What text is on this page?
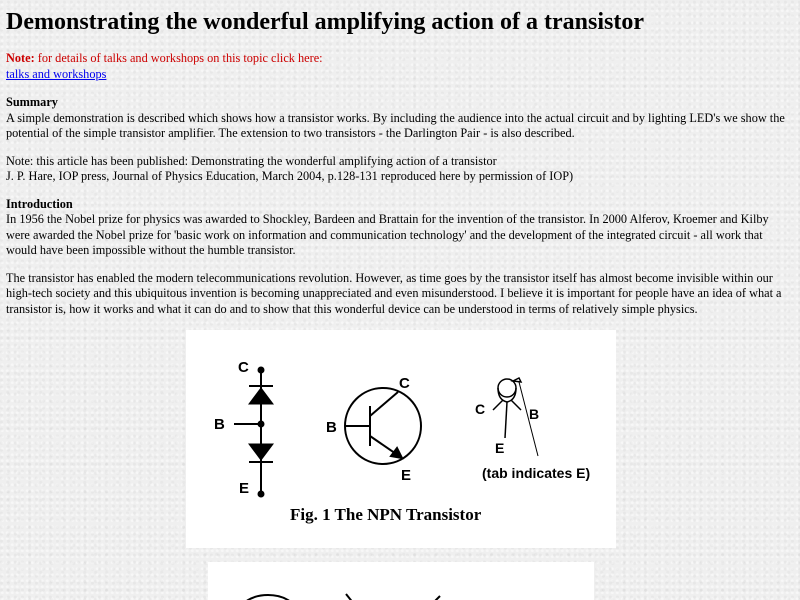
Demonstrating the wonderful amplifying action of a transistor

Note: for details of talks and workshops on this topic click here:
talks and workshops

Summary
A simple demonstration is described which shows how a transistor works. By including the audience into the actual circuit and by lighting LED's we show the potential of the simple transistor amplifier. The extension to two transistors - the Darlington Pair - is also described.

Note: this article has been published: Demonstrating the wonderful amplifying action of a transistor
J. P. Hare, IOP press, Journal of Physics Education, March 2004, p.128-131 reproduced here by permission of IOP)

Introduction
In 1956 the Nobel prize for physics was awarded to Shockley, Bardeen and Brattain for the invention of the transistor. In 2000 Alferov, Kroemer and Kilby were awarded the Nobel prize for 'basic work on information and communication technology' and the development of the integrated circuit - all work that would have been impossible without the humble transistor.

The transistor has enabled the modern telecommunications revolution. However, as time goes by the transistor itself has almost become invisible within our high-tech society and this ubiquitous invention is becoming unappreciated and even misunderstood. I believe it is important for people have an idea of what a transistor is, how it works and what it can do and to show that this wonderful device can be understood in terms of relatively simple physics.

C
B
E
C
B
E
C	B
E
(tab indicates E)
Fig. 1 The NPN Transistor
